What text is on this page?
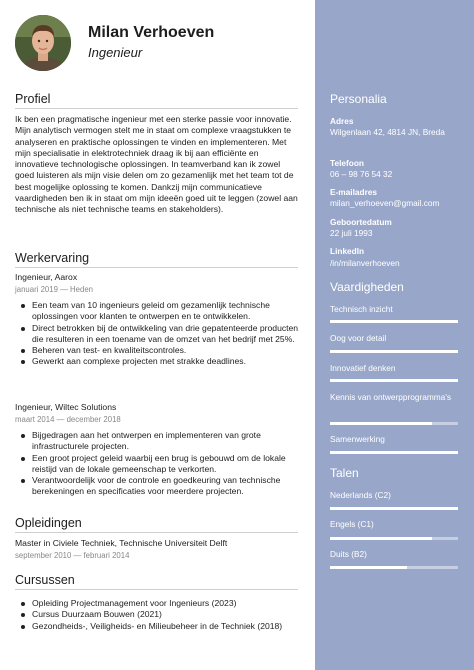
Milan Verhoeven
Ingenieur
Profiel
Ik ben een pragmatische ingenieur met een sterke passie voor innovatie. Mijn analytisch vermogen stelt me in staat om complexe vraagstukken te analyseren en praktische oplossingen te vinden en implementeren. Met mijn specialisatie in elektrotechniek draag ik bij aan efficiënte en innovatieve technologische oplossingen. In teamverband kan ik zowel goed luisteren als mijn visie delen om zo gezamenlijk met het team tot de best mogelijke oplossing te komen. Dankzij mijn communicatieve vaardigheden ben ik in staat om mijn ideeën goed uit te leggen (zowel aan technische als niet technische teams en stakeholders).
Werkervaring
Ingenieur, Aarox
januari 2019 — Heden
Een team van 10 ingenieurs geleid om gezamenlijk technische oplossingen voor klanten te ontwerpen en te ontwikkelen.
Direct betrokken bij de ontwikkeling van drie gepatenteerde producten die resulteren in een toename van de omzet van het bedrijf met 25%.
Beheren van test- en kwaliteitscontroles.
Gewerkt aan complexe projecten met strakke deadlines.
Ingenieur, Wiltec Solutions
maart 2014 — december 2018
Bijgedragen aan het ontwerpen en implementeren van grote infrastructurele projecten.
Een groot project geleid waarbij een brug is gebouwd om de lokale reistijd van de lokale gemeenschap te verkorten.
Verantwoordelijk voor de controle en goedkeuring van technische berekeningen en specificaties voor meerdere projecten.
Opleidingen
Master in Civiele Techniek, Technische Universiteit Delft
september 2010 — februari 2014
Cursussen
Opleiding Projectmanagement voor Ingenieurs (2023)
Cursus Duurzaam Bouwen (2021)
Gezondheids-, Veiligheids- en Milieubeheer in de Techniek (2018)
Personalia
Adres
Wilgenlaan 42, 4814 JN, Breda
Telefoon
06 – 98 76 54 32
E-mailadres
milan_verhoeven@gmail.com
Geboortedatum
22 juli 1993
LinkedIn
/in/milanverhoeven
Vaardigheden
Technisch inzicht
Oog voor detail
Innovatief denken
Kennis van ontwerpprogramma's
Samenwerking
Talen
Nederlands (C2)
Engels (C1)
Duits (B2)
